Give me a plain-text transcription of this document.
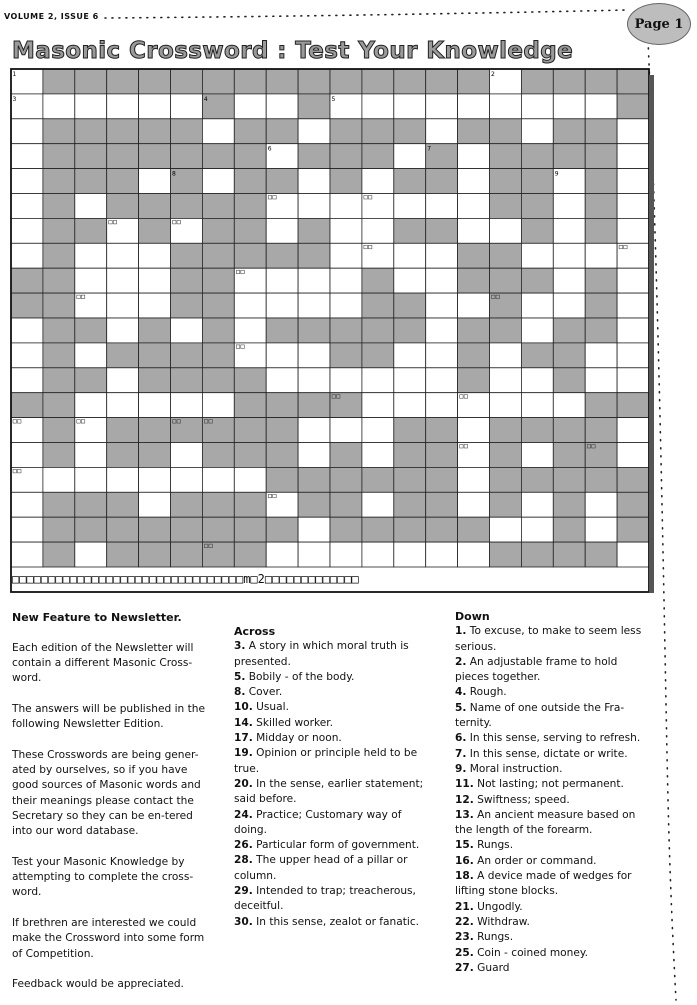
VOLUME 2, ISSUE 6	Page 1
Masonic Crossword : Test Your Knowledge
1	2
3	4	5
6	7
8	9
□□□□□□□□□□□□□□□□□□□□□□□□□□□□□□□□m□2□□□□□□□□□□□□□

New Feature to Newsletter.

Each edition of the Newsletter will contain a different Masonic Cross-word.

The answers will be published in the following Newsletter Edition.

These Crosswords are being gener-ated by ourselves, so if you have good sources of Masonic words and their meanings please contact the Secretary so they can be en-tered into our word database.

Test your Masonic Knowledge by attempting to complete the cross-word.

If brethren are interested we could make the Crossword into some form of Competition.

Feedback would be appreciated.

Across

3. A story in which moral truth is presented.

5. Bobily - of the body.

8. Cover.

10. Usual.

14. Skilled worker.

17. Midday or noon.

19. Opinion or principle held to be true.

20. In the sense, earlier statement; said before.

24. Practice; Customary way of doing.

26. Particular form of government.

28. The upper head of a pillar or column.

29. Intended to trap; treacherous, deceitful.

30. In this sense, zealot or fanatic.

Down

1. To excuse, to make to seem less serious.

2. An adjustable frame to hold pieces together.

4. Rough.

5. Name of one outside the Fra-ternity.

6. In this sense, serving to refresh.

7. In this sense, dictate or write.

9. Moral instruction.

11. Not lasting; not permanent.

12. Swiftness; speed.

13. An ancient measure based on the length of the forearm.

15. Rungs.

16. An order or command.

18. A device made of wedges for lifting stone blocks.

21. Ungodly.

22. Withdraw.

23. Rungs.

25. Coin - coined money.

27. Guard
